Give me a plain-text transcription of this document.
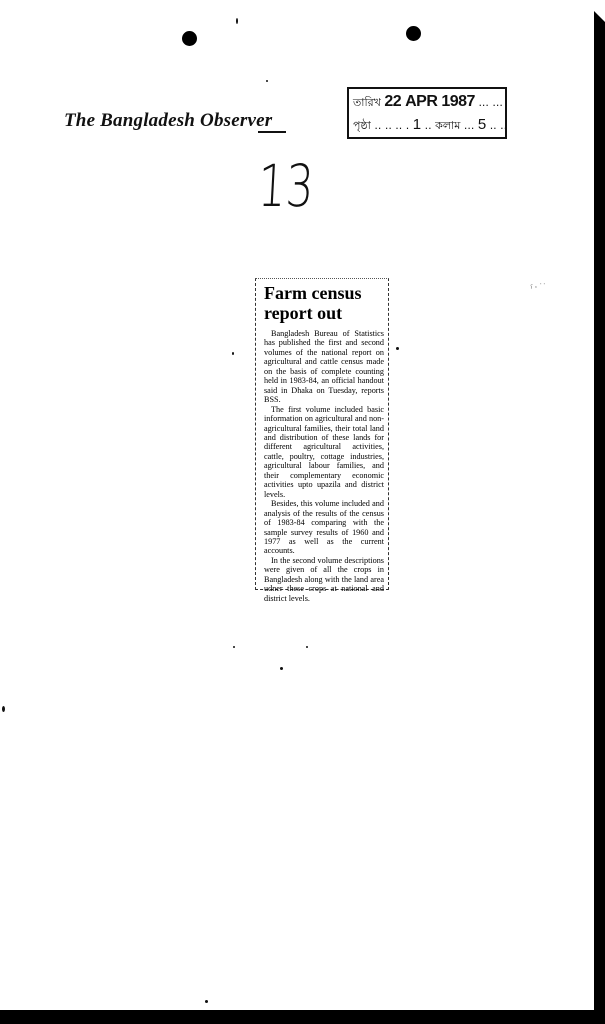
The Bangladesh Observer
তারিখ 22 APR 1987 ... ...
পৃষ্ঠা .. .. .. . 1 .. কলাম ... 5 .. ..
13
Farm census
report out

Bangladesh Bureau of Statistics has published the first and second volumes of the national report on agricultural and cattle census made on the basis of complete counting held in 1983-84, an official handout said in Dhaka on Tuesday, reports BSS.

The first volume included basic information on agricultural and non-agricultural families, their total land and distribution of these lands for different agricultural activities, cattle, poultry, cottage industries, agricultural labour families, and their complementary economic activities upto upazila and district levels.

Besides, this volume included and analysis of the results of the census of 1983-84 comparing with the sample survey results of 1960 and 1977 as well as the current accounts.

In the second volume descriptions were given of all the crops in Bangladesh along with the land area udner these crops at national and district levels.

፣ ፡ ˙˙
